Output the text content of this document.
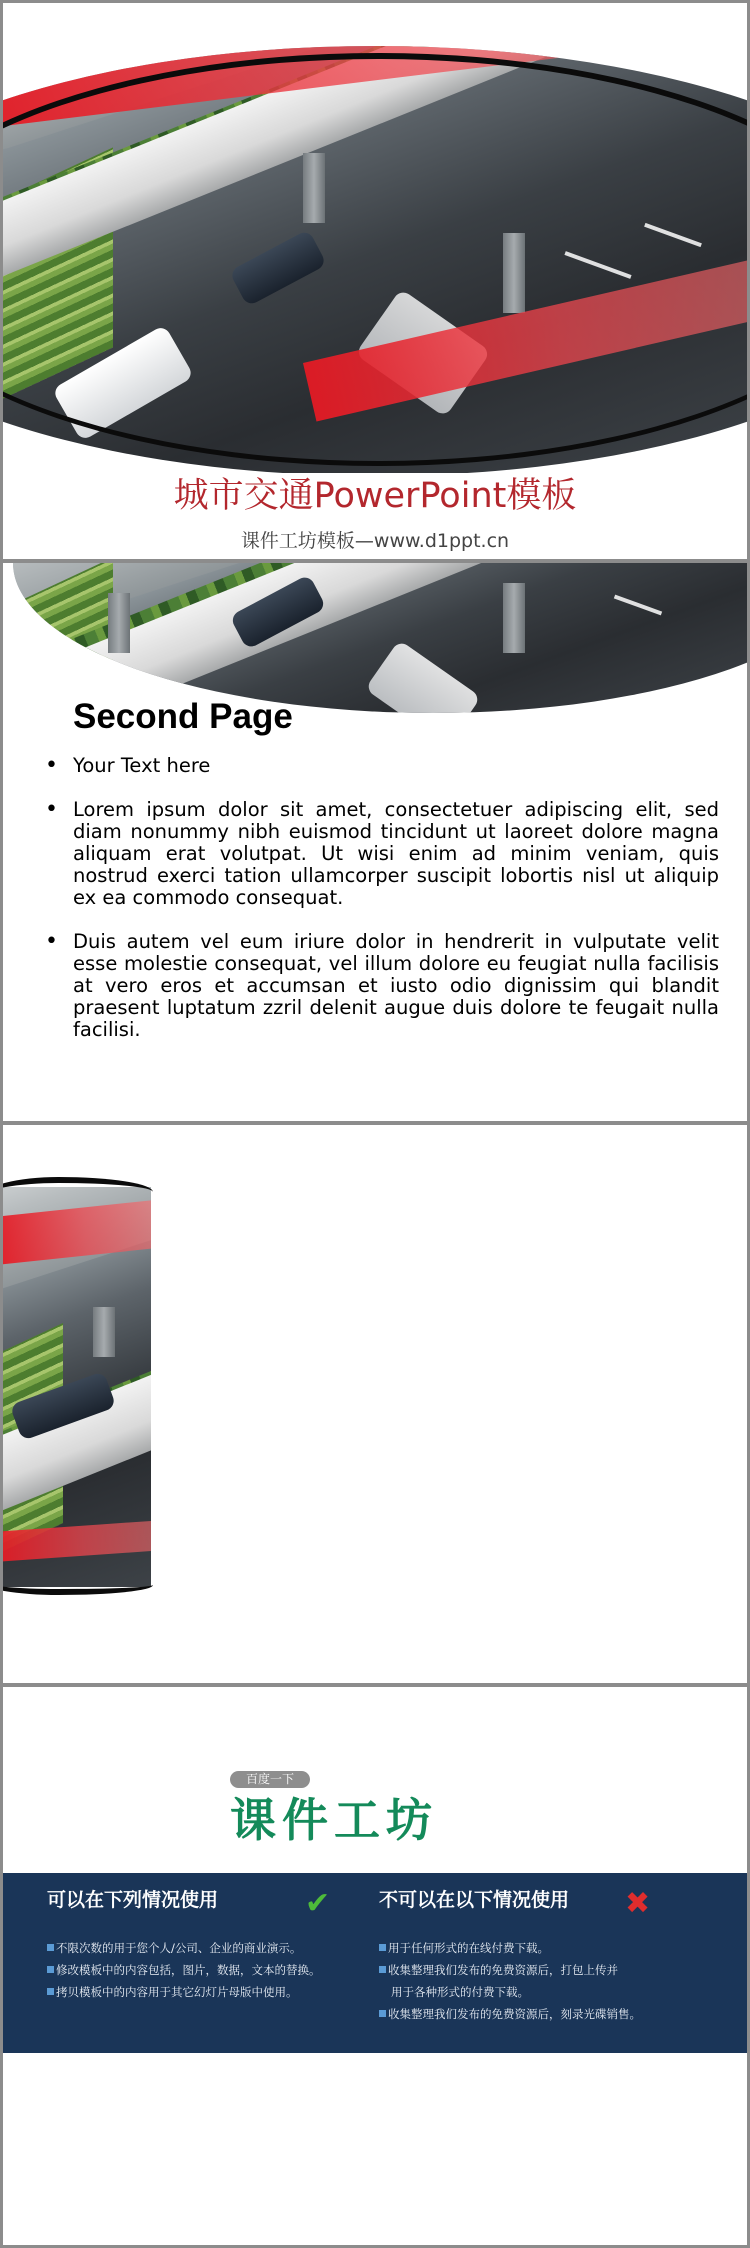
城市交通PowerPoint模板
课件工坊模板—www.d1ppt.cn
Second Page
• Your Text here
• Lorem ipsum dolor sit amet, consectetuer adipiscing elit, sed diam nonummy nibh euismod tincidunt ut laoreet dolore magna aliquam erat volutpat. Ut wisi enim ad minim veniam, quis nostrud exerci tation ullamcorper suscipit lobortis nisl ut aliquip ex ea commodo consequat.
• Duis autem vel eum iriure dolor in hendrerit in vulputate velit esse molestie consequat, vel illum dolore eu feugiat nulla facilisis at vero eros et accumsan et iusto odio dignissim qui blandit praesent luptatum zzril delenit augue duis dolore te feugait nulla facilisi.
百度一下
课件工坊
可以在下列情况使用
不限次数的用于您个人/公司、企业的商业演示。
修改模板中的内容包括，图片，数据，文本的替换。
拷贝模板中的内容用于其它幻灯片母版中使用。
✔	不可以在以下情况使用
用于任何形式的在线付费下载。
收集整理我们发布的免费资源后，打包上传并
用于各种形式的付费下载。
收集整理我们发布的免费资源后，刻录光碟销售。
✖
